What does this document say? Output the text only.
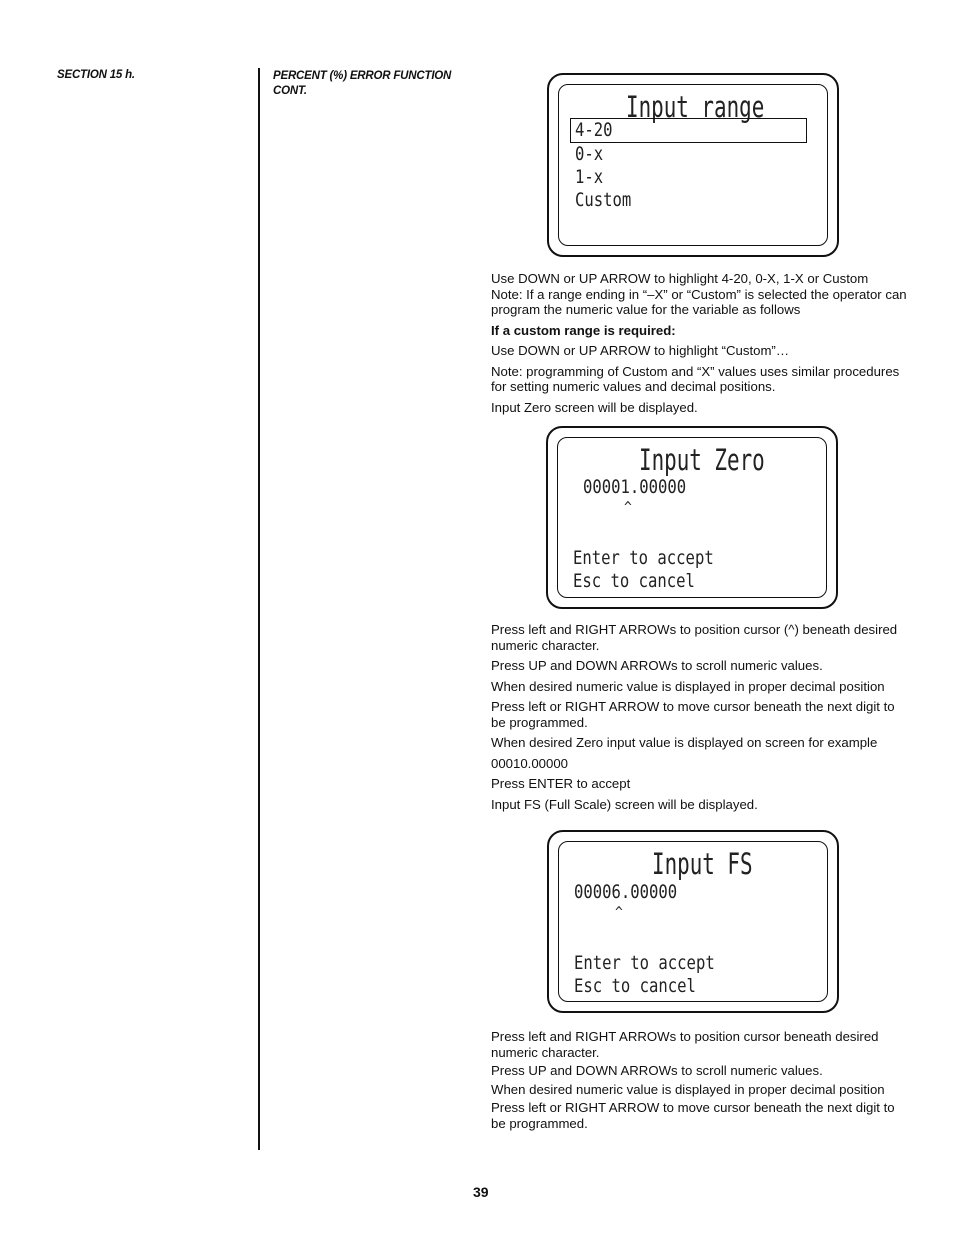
SECTION 15 h.	PERCENT (%) ERROR FUNCTION
CONT.	Input range
4-20
0-x
1-x
Custom

Use DOWN or UP ARROW to highlight 4-20, 0-X, 1-X or Custom

Note: If a range ending in “–X” or “Custom” is selected the operator can program the numeric value for the variable as follows

If a custom range is required:

Use DOWN or UP ARROW to highlight “Custom”…

Note: programming of Custom and “X” values uses similar procedures for setting numeric values and decimal positions.

Input Zero screen will be displayed.

Input Zero
00001.00000
^
Enter to accept
Esc to cancel

Press left and RIGHT ARROWs to position cursor (^) beneath desired numeric character.

Press UP and DOWN ARROWs to scroll numeric values.

When desired numeric value is displayed in proper decimal position

Press left or RIGHT ARROW to move cursor beneath the next digit to be programmed.

When desired Zero input value is displayed on screen for example

00010.00000

Press ENTER to accept

Input FS (Full Scale) screen will be displayed.

Input FS
00006.00000
^
Enter to accept
Esc to cancel

Press left and RIGHT ARROWs to position cursor beneath desired numeric character.

Press UP and DOWN ARROWs to scroll numeric values.

When desired numeric value is displayed in proper decimal position

Press left or RIGHT ARROW to move cursor beneath the next digit to be programmed.

39
